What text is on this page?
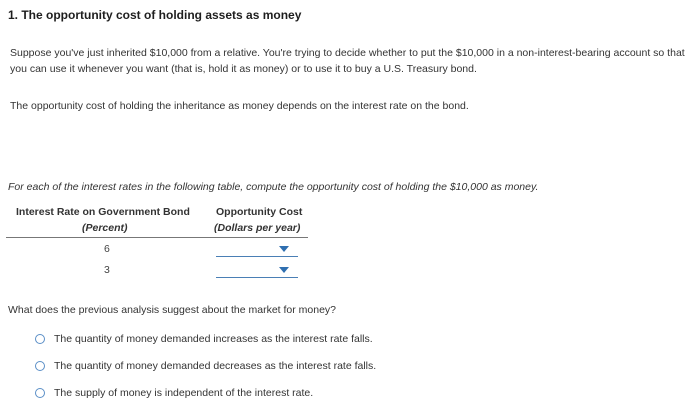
1. The opportunity cost of holding assets as money
Suppose you've just inherited $10,000 from a relative. You're trying to decide whether to put the $10,000 in a non-interest-bearing account so that you can use it whenever you want (that is, hold it as money) or to use it to buy a U.S. Treasury bond.
The opportunity cost of holding the inheritance as money depends on the interest rate on the bond.
For each of the interest rates in the following table, compute the opportunity cost of holding the $10,000 as money.
Interest Rate on Government Bond Opportunity Cost
(Percent)	(Dollars per year)
6
3
What does the previous analysis suggest about the market for money?
The quantity of money demanded increases as the interest rate falls.
The quantity of money demanded decreases as the interest rate falls.
The supply of money is independent of the interest rate.
